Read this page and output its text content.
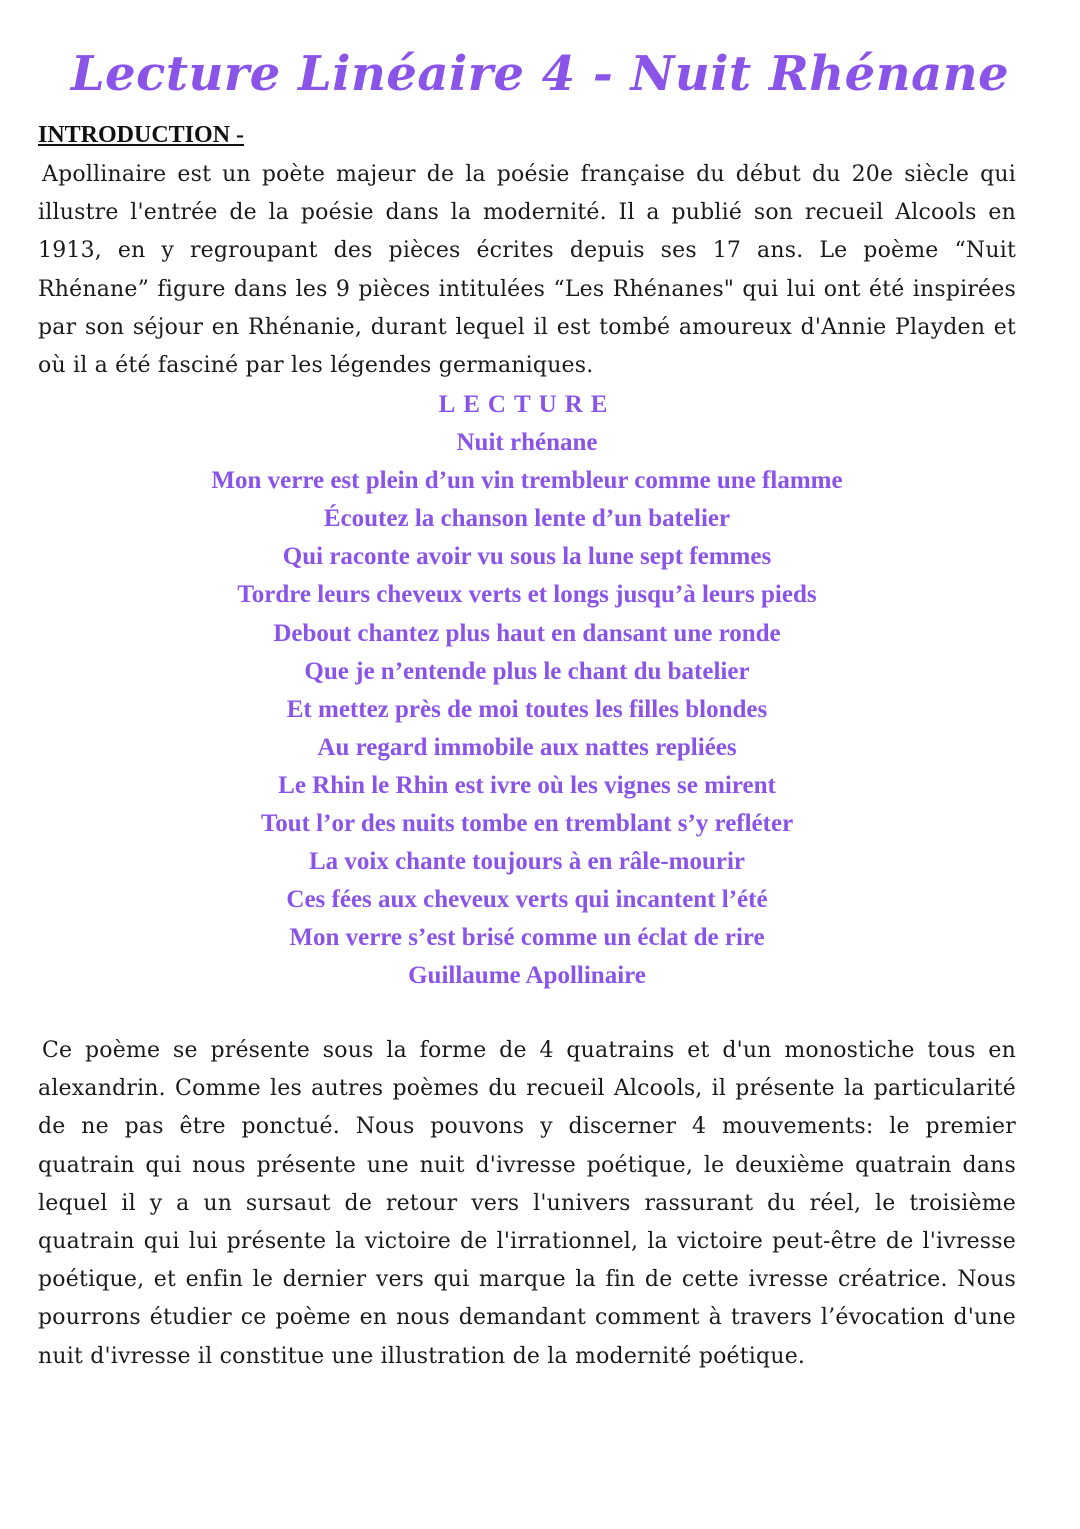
Lecture Linéaire 4 - Nuit Rhénane
INTRODUCTION -

Apollinaire est un poète majeur de la poésie française du début du 20e siècle qui illustre l'entrée de la poésie dans la modernité. Il a publié son recueil Alcools en 1913, en y regroupant des pièces écrites depuis ses 17 ans. Le poème “Nuit Rhénane” figure dans les 9 pièces intitulées “Les Rhénanes" qui lui ont été inspirées par son séjour en Rhénanie, durant lequel il est tombé amoureux d'Annie Playden et où il a été fasciné par les légendes germaniques.

LECTURE
Nuit rhénane
Mon verre est plein d’un vin trembleur comme une flamme
Écoutez la chanson lente d’un batelier
Qui raconte avoir vu sous la lune sept femmes
Tordre leurs cheveux verts et longs jusqu’à leurs pieds
Debout chantez plus haut en dansant une ronde
Que je n’entende plus le chant du batelier
Et mettez près de moi toutes les filles blondes
Au regard immobile aux nattes repliées
Le Rhin le Rhin est ivre où les vignes se mirent
Tout l’or des nuits tombe en tremblant s’y refléter
La voix chante toujours à en râle-mourir
Ces fées aux cheveux verts qui incantent l’été
Mon verre s’est brisé comme un éclat de rire
Guillaume Apollinaire

Ce poème se présente sous la forme de 4 quatrains et d'un monostiche tous en alexandrin. Comme les autres poèmes du recueil Alcools, il présente la particularité de ne pas être ponctué. Nous pouvons y discerner 4 mouvements: le premier quatrain qui nous présente une nuit d'ivresse poétique, le deuxième quatrain dans lequel il y a un sursaut de retour vers l'univers rassurant du réel, le troisième quatrain qui lui présente la victoire de l'irrationnel, la victoire peut-être de l'ivresse poétique, et enfin le dernier vers qui marque la fin de cette ivresse créatrice. Nous pourrons étudier ce poème en nous demandant comment à travers l’évocation d'une nuit d'ivresse il constitue une illustration de la modernité poétique.
